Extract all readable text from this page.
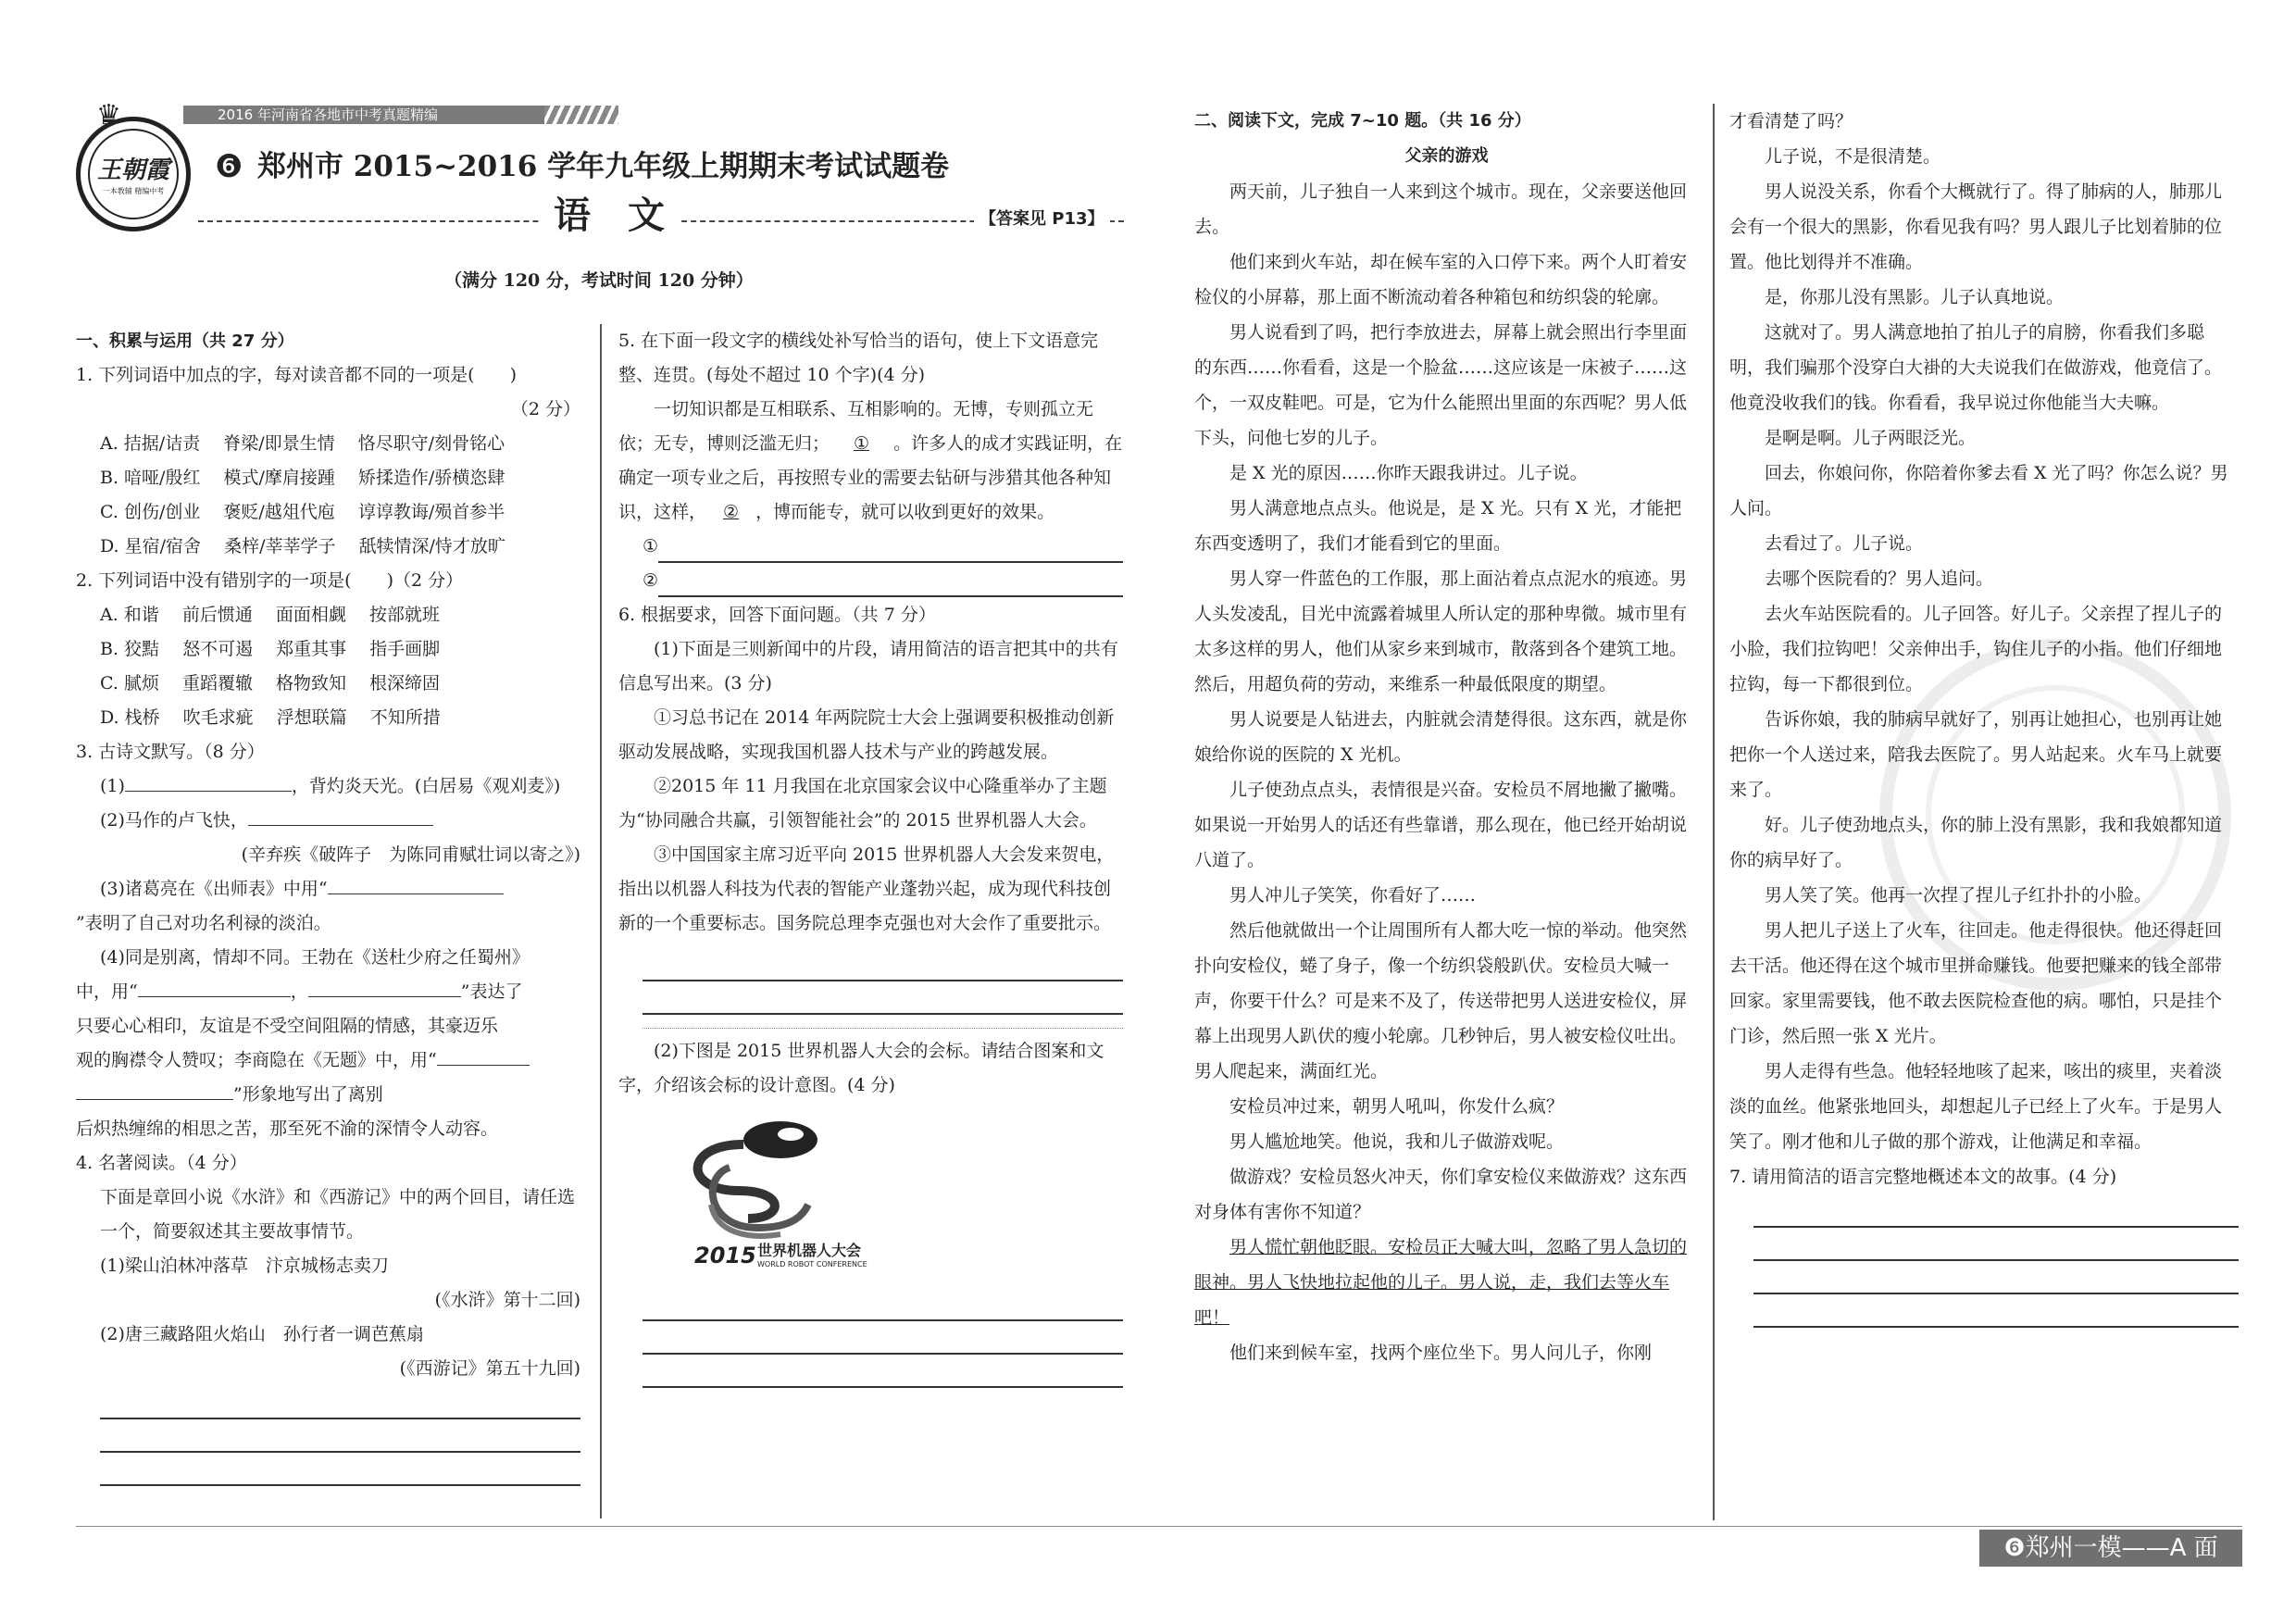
2016 年河南省各地市中考真题精编
王朝霞
一本教辅 精编中考
♛
❻ 郑州市 2015~2016 学年九年级上期期末考试试题卷
语　文	【答案见 P13】
（满分 120 分，考试时间 120 分钟）

一、积累与运用（共 27 分）

1. 下列词语中加点的字，每对读音都不同的一项是(　　)

（2 分）

A. 拮据/诘责　 脊梁/即景生情　 恪尽职守/刻骨铭心

B. 喑哑/殷红　 模式/摩肩接踵　 矫揉造作/骄横恣肆

C. 创伤/创业　 褒贬/越俎代庖　 谆谆教诲/殒首参半

D. 星宿/宿舍　 桑梓/莘莘学子　 舐犊情深/恃才放旷

2. 下列词语中没有错别字的一项是(　　)（2 分）

A. 和谐　 前后惯通　 面面相觑　 按部就班

B. 狡黠　 怒不可遏　 郑重其事　 指手画脚

C. 腻烦　 重蹈覆辙　 格物致知　 根深缔固

D. 栈桥　 吹毛求疵　 浮想联篇　 不知所措

3. 古诗文默写。（8 分）

(1)	，背灼炎天光。(白居易《观刈麦》)

(2)马作的卢飞快，

(辛弃疾《破阵子　为陈同甫赋壮词以寄之》)

(3)诸葛亮在《出师表》中用“

”表明了自己对功名利禄的淡泊。

(4)同是别离，情却不同。王勃在《送杜少府之任蜀州》

中，用“	，	”表达了

只要心心相印，友谊是不受空间阻隔的情感，其豪迈乐

观的胸襟令人赞叹；李商隐在《无题》中，用“

”形象地写出了离别

后炽热缠绵的相思之苦，那至死不渝的深情令人动容。

4. 名著阅读。（4 分）

下面是章回小说《水浒》和《西游记》中的两个回目，请任选一个，简要叙述其主要故事情节。

(1)梁山泊林冲落草　汴京城杨志卖刀

(《水浒》第十二回)

(2)唐三藏路阻火焰山　孙行者一调芭蕉扇

(《西游记》第五十九回)

5. 在下面一段文字的横线处补写恰当的语句，使上下文语意完整、连贯。(每处不超过 10 个字)(4 分)

一切知识都是互相联系、互相影响的。无博，专则孤立无依；无专，博则泛滥无归； ① 。许多人的成才实践证明，在确定一项专业之后，再按照专业的需要去钻研与涉猎其他各种知识，这样， ② ，博而能专，就可以收到更好的效果。

①
②

6. 根据要求，回答下面问题。（共 7 分）

(1)下面是三则新闻中的片段，请用简洁的语言把其中的共有信息写出来。(3 分)

①习总书记在 2014 年两院院士大会上强调要积极推动创新驱动发展战略，实现我国机器人技术与产业的跨越发展。

②2015 年 11 月我国在北京国家会议中心隆重举办了主题为“协同融合共赢，引领智能社会”的 2015 世界机器人大会。

③中国国家主席习近平向 2015 世界机器人大会发来贺电，指出以机器人科技为代表的智能产业蓬勃兴起，成为现代科技创新的一个重要标志。国务院总理李克强也对大会作了重要批示。

(2)下图是 2015 世界机器人大会的会标。请结合图案和文字，介绍该会标的设计意图。(4 分)

2015 世界机器人大会
WORLD ROBOT CONFERENCE

二、阅读下文，完成 7~10 题。（共 16 分）

父亲的游戏

两天前，儿子独自一人来到这个城市。现在，父亲要送他回去。

他们来到火车站，却在候车室的入口停下来。两个人盯着安检仪的小屏幕，那上面不断流动着各种箱包和纺织袋的轮廓。

男人说看到了吗，把行李放进去，屏幕上就会照出行李里面的东西……你看看，这是一个脸盆……这应该是一床被子……这个，一双皮鞋吧。可是，它为什么能照出里面的东西呢？男人低下头，问他七岁的儿子。

是 X 光的原因……你昨天跟我讲过。儿子说。

男人满意地点点头。他说是，是 X 光。只有 X 光，才能把东西变透明了，我们才能看到它的里面。

男人穿一件蓝色的工作服，那上面沾着点点泥水的痕迹。男人头发凌乱，目光中流露着城里人所认定的那种卑微。城市里有太多这样的男人，他们从家乡来到城市，散落到各个建筑工地。然后，用超负荷的劳动，来维系一种最低限度的期望。

男人说要是人钻进去，内脏就会清楚得很。这东西，就是你娘给你说的医院的 X 光机。

儿子使劲点点头，表情很是兴奋。安检员不屑地撇了撇嘴。如果说一开始男人的话还有些靠谱，那么现在，他已经开始胡说八道了。

男人冲儿子笑笑，你看好了……

然后他就做出一个让周围所有人都大吃一惊的举动。他突然扑向安检仪，蜷了身子，像一个纺织袋般趴伏。安检员大喊一声，你要干什么？可是来不及了，传送带把男人送进安检仪，屏幕上出现男人趴伏的瘦小轮廓。几秒钟后，男人被安检仪吐出。男人爬起来，满面红光。

安检员冲过来，朝男人吼叫，你发什么疯？

男人尴尬地笑。他说，我和儿子做游戏呢。

做游戏？安检员怒火冲天，你们拿安检仪来做游戏？这东西对身体有害你不知道？

男人慌忙朝他眨眼。安检员正大喊大叫，忽略了男人急切的眼神。男人飞快地拉起他的儿子。男人说，走，我们去等火车吧！

他们来到候车室，找两个座位坐下。男人问儿子，你刚

才看清楚了吗？

儿子说，不是很清楚。

男人说没关系，你看个大概就行了。得了肺病的人，肺那儿会有一个很大的黑影，你看见我有吗？男人跟儿子比划着肺的位置。他比划得并不准确。

是，你那儿没有黑影。儿子认真地说。

这就对了。男人满意地拍了拍儿子的肩膀，你看我们多聪明，我们骗那个没穿白大褂的大夫说我们在做游戏，他竟信了。他竟没收我们的钱。你看看，我早说过你他能当大夫嘛。

是啊是啊。儿子两眼泛光。

回去，你娘问你，你陪着你爹去看 X 光了吗？你怎么说？男人问。

去看过了。儿子说。

去哪个医院看的？男人追问。

去火车站医院看的。儿子回答。好儿子。父亲捏了捏儿子的小脸，我们拉钩吧！父亲伸出手，钩住儿子的小指。他们仔细地拉钩，每一下都很到位。

告诉你娘，我的肺病早就好了，别再让她担心，也别再让她把你一个人送过来，陪我去医院了。男人站起来。火车马上就要来了。

好。儿子使劲地点头，你的肺上没有黑影，我和我娘都知道你的病早好了。

男人笑了笑。他再一次捏了捏儿子红扑扑的小脸。

男人把儿子送上了火车，往回走。他走得很快。他还得赶回去干活。他还得在这个城市里拼命赚钱。他要把赚来的钱全部带回家。家里需要钱，他不敢去医院检查他的病。哪怕，只是挂个门诊，然后照一张 X 光片。

男人走得有些急。他轻轻地咳了起来，咳出的痰里，夹着淡淡的血丝。他紧张地回头，却想起儿子已经上了火车。于是男人笑了。刚才他和儿子做的那个游戏，让他满足和幸福。

7. 请用简洁的语言完整地概述本文的故事。(4 分)

❻郑州一模——A 面
